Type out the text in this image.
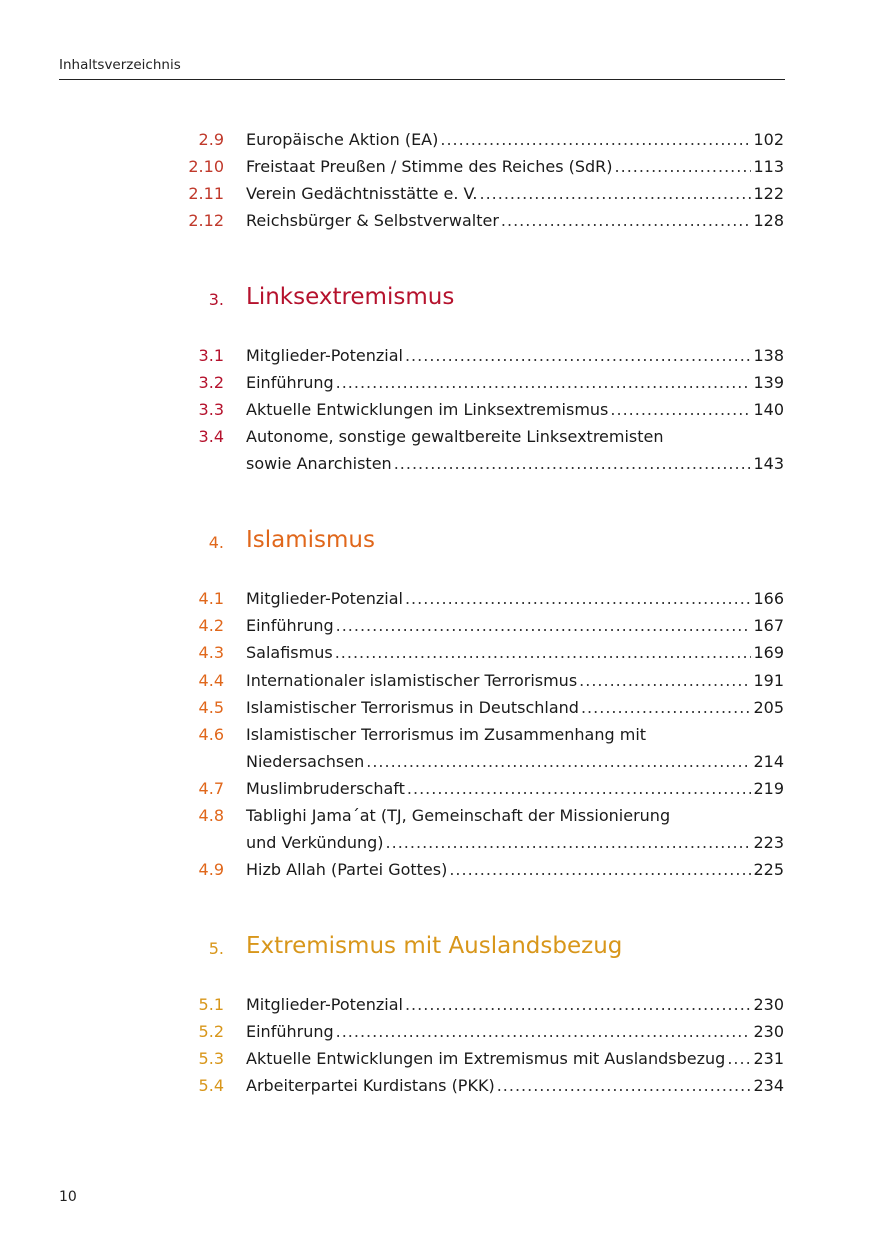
Inhaltsverzeichnis
2.9 Europäische Aktion (EA) .....	102
2.10 Freistaat Preußen / Stimme des Reiches (SdR) .....	113
2.11 Verein Gedächtnisstätte e. V. .....	122
2.12 Reichsbürger & Selbstverwalter .....	128
3. Linksextremismus
3.1 Mitglieder-Potenzial .....	138
3.2 Einführung .....	139
3.3 Aktuelle Entwicklungen im Linksextremismus .....	140
3.4 Autonome, sonstige gewaltbereite Linksextremisten
sowie Anarchisten .....	143
4. Islamismus
4.1 Mitglieder-Potenzial .....	166
4.2 Einführung .....	167
4.3 Salafismus .....	169
4.4 Internationaler islamistischer Terrorismus .....	191
4.5 Islamistischer Terrorismus in Deutschland .....	205
4.6 Islamistischer Terrorismus im Zusammenhang mit
Niedersachsen .....	214
4.7 Muslimbruderschaft .....	219
4.8 Tablighi Jama´at (TJ, Gemeinschaft der Missionierung
und Verkündung) .....	223
4.9 Hizb Allah (Partei Gottes) .....	225
5. Extremismus mit Auslandsbezug
5.1 Mitglieder-Potenzial .....	230
5.2 Einführung .....	230
5.3 Aktuelle Entwicklungen im Extremismus mit Auslandsbezug ..... 231
5.4 Arbeiterpartei Kurdistans (PKK) .....	234
10
